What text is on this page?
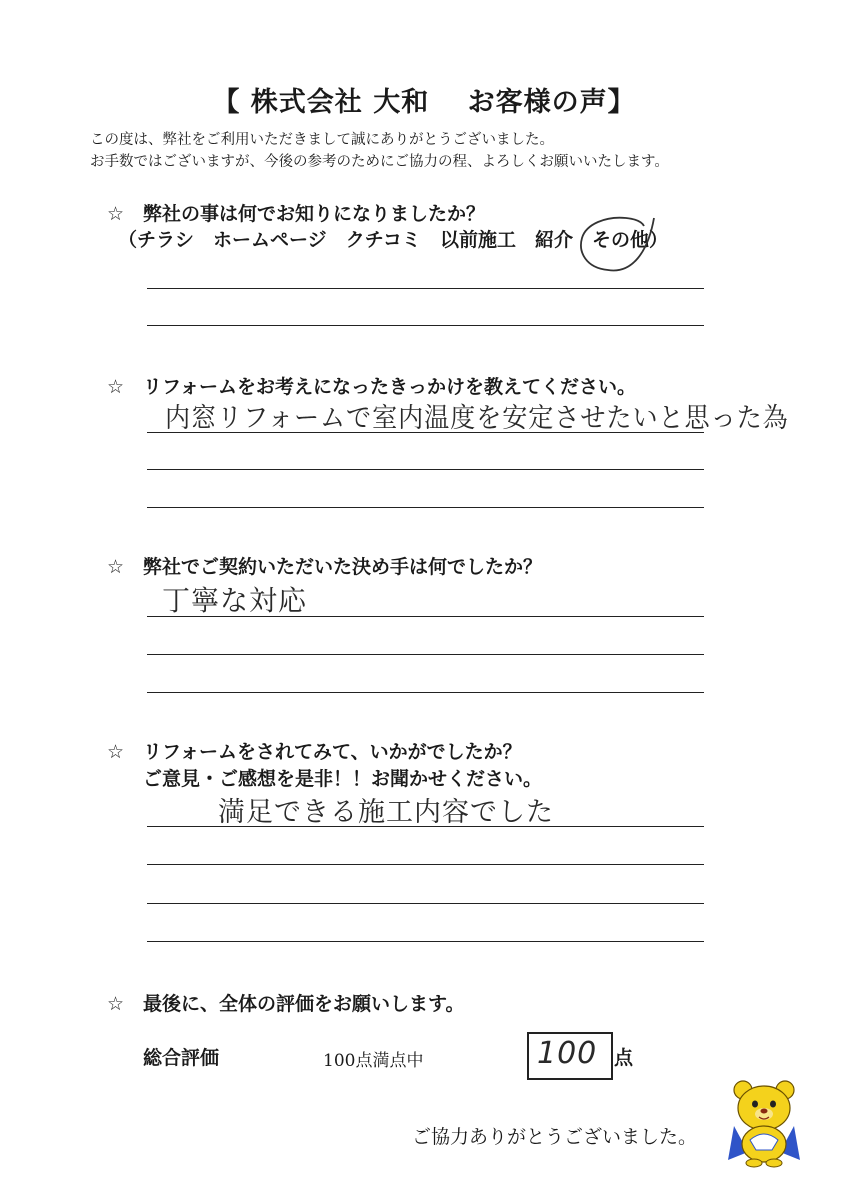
【 株式会社 大和　 お客様の声】
この度は、弊社をご利用いただきまして誠にありがとうございました。
お手数ではございますが、今後の参考のためにご協力の程、よろしくお願いいたします。
☆ 弊社の事は何でお知りになりましたか？
（チラシ　 ホームページ　 クチコミ　 以前施工　 紹介　 その他）
☆ リフォームをお考えになったきっかけを教えてください。
内窓リフォームで室内温度を安定させたいと思った為
☆ 弊社でご契約いただいた決め手は何でしたか？
丁寧な対応
☆ リフォームをされてみて、いかがでしたか？
ご意見・ご感想を是非！！お聞かせください。
満足できる施工内容でした
☆ 最後に、全体の評価をお願いします。
総合評価	100点満点中	100 点
ご協力ありがとうございました。
